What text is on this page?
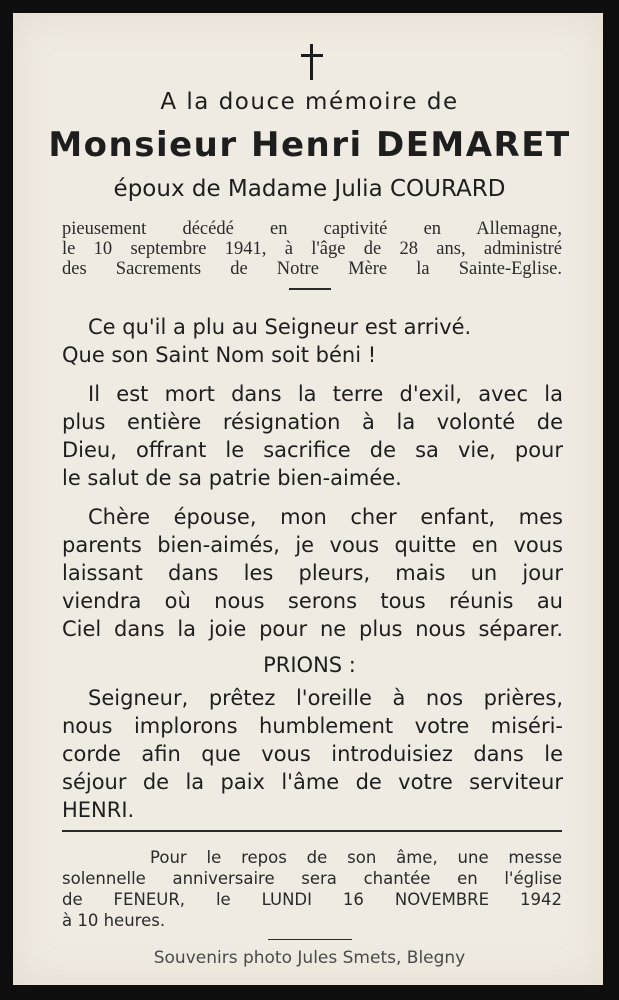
A la douce mémoire de
Monsieur Henri DEMARET
époux de Madame Julia COURARD
pieusement décédé en captivité en Allemagne,
le 10 septembre 1941, à l'âge de 28 ans, administré
des Sacrements de Notre Mère la Sainte-Eglise.
Ce qu'il a plu au Seigneur est arrivé.
Que son Saint Nom soit béni !
Il est mort dans la terre d'exil, avec la
plus entière résignation à la volonté de
Dieu, offrant le sacrifice de sa vie, pour
le salut de sa patrie bien-aimée.
Chère épouse, mon cher enfant, mes
parents bien-aimés, je vous quitte en vous
laissant dans les pleurs, mais un jour
viendra où nous serons tous réunis au
Ciel dans la joie pour ne plus nous séparer.
PRIONS :
Seigneur, prêtez l'oreille à nos prières,
nous implorons humblement votre miséri-
corde afin que vous introduisiez dans le
séjour de la paix l'âme de votre serviteur
HENRI.
Pour le repos de son âme, une messe
solennelle anniversaire sera chantée en l'église
de FENEUR, le LUNDI 16 NOVEMBRE 1942
à 10 heures.
Souvenirs photo Jules Smets, Blegny
